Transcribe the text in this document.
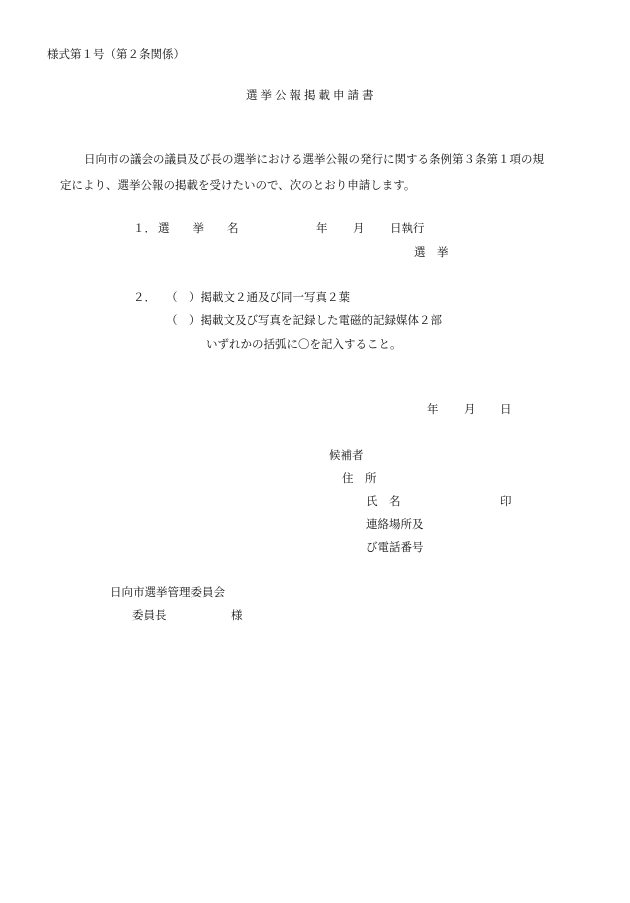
様式第１号（第２条関係）
選挙公報掲載申請書
日向市の議会の議員及び長の選挙における選挙公報の発行に関する条例第３条第１項の規
定により、選挙公報の掲載を受けたいので、次のとおり申請します。
１． 選　　挙　　名	年 月 日執行
選　挙
２． （　）掲載文２通及び同一写真２葉
（　）掲載文及び写真を記録した電磁的記録媒体２部
いずれかの括弧に〇を記入すること。
年 月 日
候補者
住　所
氏　名	印
連絡場所及
び電話番号
日向市選挙管理委員会
委員長	様
